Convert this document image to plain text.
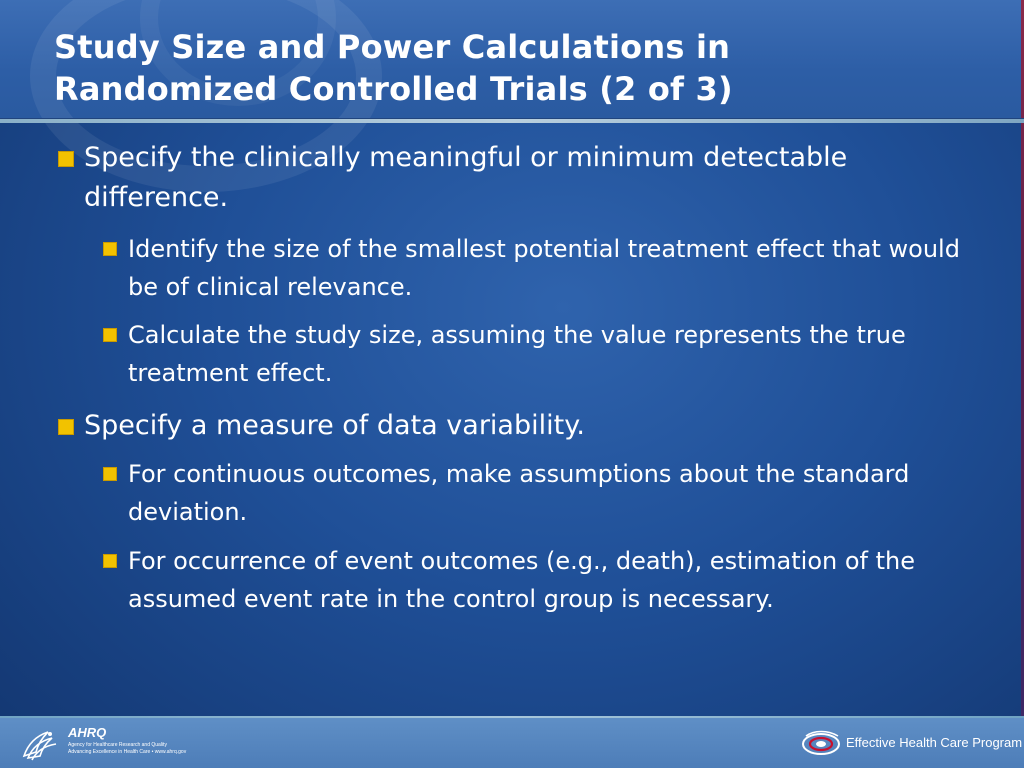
Study Size and Power Calculations in
Randomized Controlled Trials (2 of 3)
Specify the clinically meaningful or minimum detectable difference.
Identify the size of the smallest potential treatment effect that would be of clinical relevance.
Calculate the study size, assuming the value represents the true treatment effect.
Specify a measure of data variability.
For continuous outcomes, make assumptions about the standard deviation.
For occurrence of event outcomes (e.g., death), estimation of the assumed event rate in the control group is necessary.
AHRQ
Agency for Healthcare Research and Quality
Advancing Excellence in Health Care • www.ahrq.gov
Effective Health Care Program
